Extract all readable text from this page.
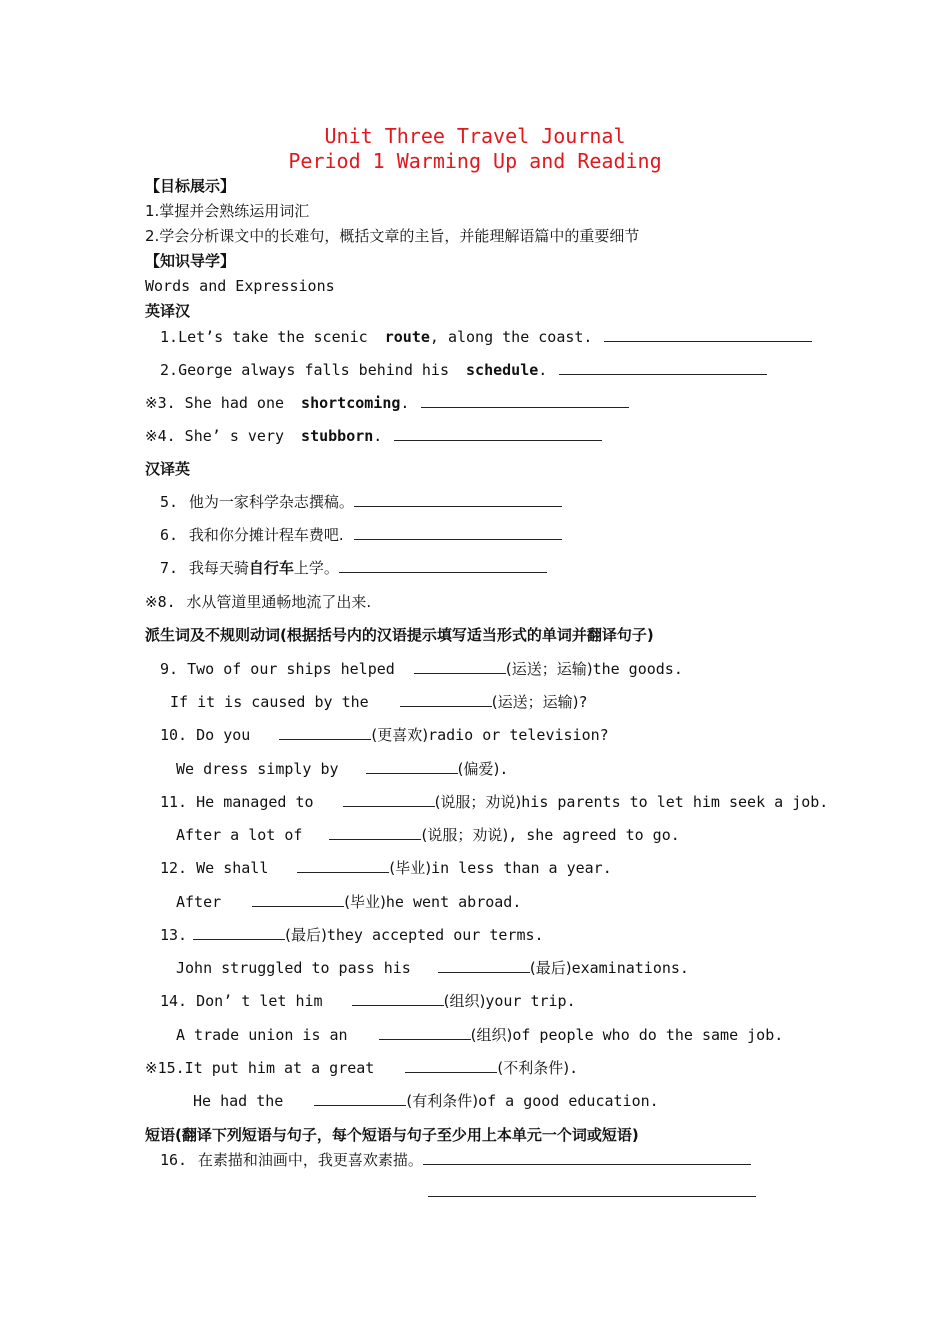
Unit Three Travel Journal
Period 1 Warming Up and Reading
【目标展示】
1.掌握并会熟练运用词汇
2.学会分析课文中的长难句，概括文章的主旨，并能理解语篇中的重要细节
【知识导学】
Words and Expressions
英译汉
1.Let’s take the scenic route, along the coast.
2.George always falls behind his schedule.
※3. She had one shortcoming.
※4. She’ s very stubborn.
汉译英
5. 他为一家科学杂志撰稿。
6. 我和你分摊计程车费吧.
7. 我每天骑自行车上学。
※8. 水从管道里通畅地流了出来.
派生词及不规则动词(根据括号内的汉语提示填写适当形式的单词并翻译句子)
9. Two of our ships helped	(运送；运输)the goods.
If it is caused by the	(运送；运输)?
10. Do you	(更喜欢)radio or television?
We dress simply by	(偏爱).
11. He managed to	(说服；劝说)his parents to let him seek a job.
After a lot of	(说服；劝说), she agreed to go.
12. We shall	(毕业)in less than a year.
After	(毕业)he went abroad.
13.	(最后)they accepted our terms.
John struggled to pass his	(最后)examinations.
14. Don’ t let him	(组织)your trip.
A trade union is an	(组织)of people who do the same job.
※15.It put him at a great	(不利条件).
He had the	(有利条件)of a good education.
短语(翻译下列短语与句子，每个短语与句子至少用上本单元一个词或短语)
16. 在素描和油画中，我更喜欢素描。
